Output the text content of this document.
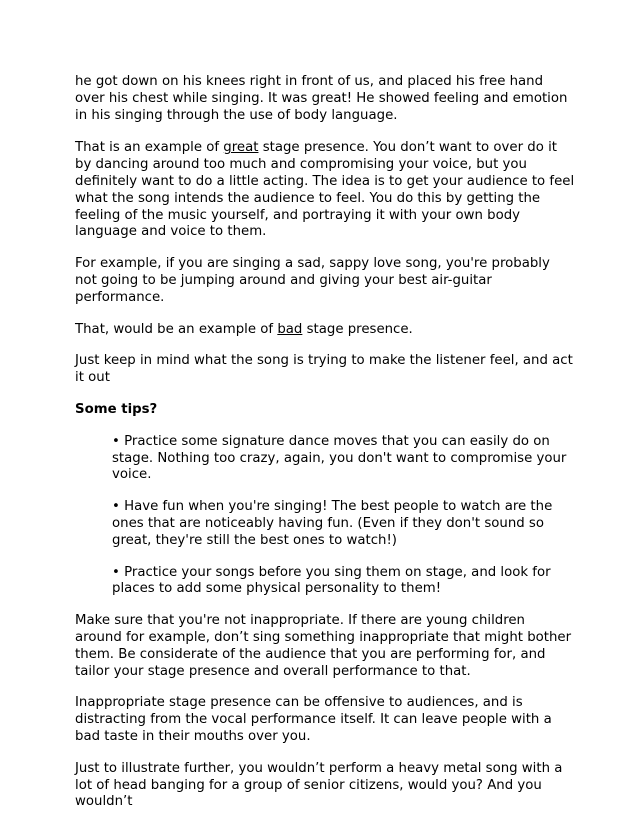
he got down on his knees right in front of us, and placed his free hand over his chest while singing. It was great! He showed feeling and emotion in his singing through the use of body language.

That is an example of great stage presence. You don’t want to over do it by dancing around too much and compromising your voice, but you definitely want to do a little acting. The idea is to get your audience to feel what the song intends the audience to feel. You do this by getting the feeling of the music yourself, and portraying it with your own body language and voice to them.

For example, if you are singing a sad, sappy love song, you're probably not going to be jumping around and giving your best air-guitar performance.

That, would be an example of bad stage presence.

Just keep in mind what the song is trying to make the listener feel, and act it out

Some tips?

• Practice some signature dance moves that you can easily do on stage. Nothing too crazy, again, you don't want to compromise your voice.

• Have fun when you're singing! The best people to watch are the ones that are noticeably having fun. (Even if they don't sound so great, they're still the best ones to watch!)

• Practice your songs before you sing them on stage, and look for places to add some physical personality to them!

Make sure that you're not inappropriate. If there are young children around for example, don’t sing something inappropriate that might bother them. Be considerate of the audience that you are performing for, and tailor your stage presence and overall performance to that.

Inappropriate stage presence can be offensive to audiences, and is distracting from the vocal performance itself. It can leave people with a bad taste in their mouths over you.

Just to illustrate further, you wouldn’t perform a heavy metal song with a lot of head banging for a group of senior citizens, would you? And you wouldn’t
